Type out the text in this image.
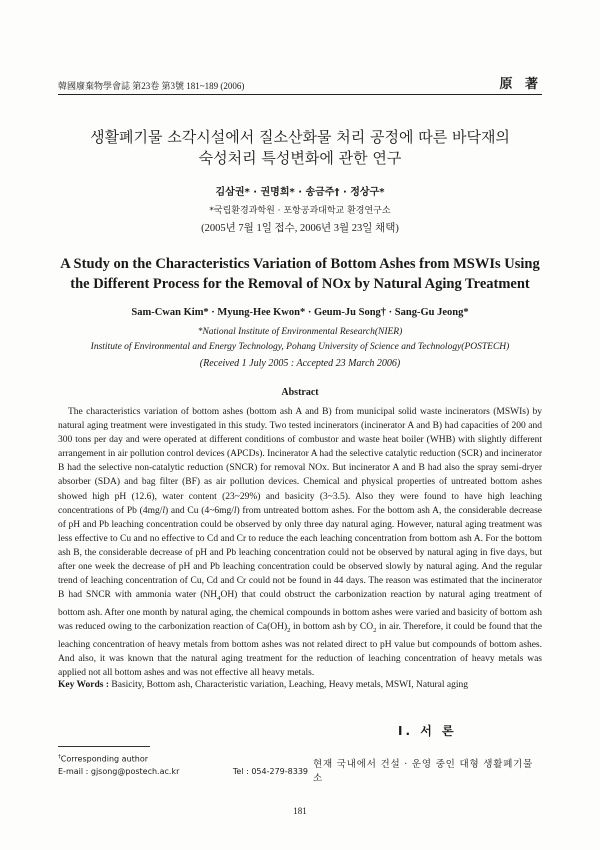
韓國廢棄物學會誌 第23卷 第3號 181~189 (2006)	原 著
생활폐기물 소각시설에서 질소산화물 처리 공정에 따른 바닥재의
숙성처리 특성변화에 관한 연구
김삼권* · 권명희* · 송금주† · 정상구*
*국립환경과학원 · 포항공과대학교 환경연구소
(2005년 7월 1일 접수, 2006년 3월 23일 채택)
A Study on the Characteristics Variation of Bottom Ashes from MSWIs Using
the Different Process for the Removal of NOx by Natural Aging Treatment
Sam-Cwan Kim* · Myung-Hee Kwon* · Geum-Ju Song† · Sang-Gu Jeong*
*National Institute of Environmental Research(NIER)
Institute of Environmental and Energy Technology, Pohang University of Science and Technology(POSTECH)
(Received 1 July 2005 : Accepted 23 March 2006)
Abstract
The characteristics variation of bottom ashes (bottom ash A and B) from municipal solid waste incinerators (MSWIs) by natural aging treatment were investigated in this study. Two tested incinerators (incinerator A and B) had capacities of 200 and 300 tons per day and were operated at different conditions of combustor and waste heat boiler (WHB) with slightly different arrangement in air pollution control devices (APCDs). Incinerator A had the selective catalytic reduction (SCR) and incinerator B had the selective non-catalytic reduction (SNCR) for removal NOx. But incinerator A and B had also the spray semi-dryer absorber (SDA) and bag filter (BF) as air pollution devices. Chemical and physical properties of untreated bottom ashes showed high pH (12.6), water content (23~29%) and basicity (3~3.5). Also they were found to have high leaching concentrations of Pb (4mg/l) and Cu (4~6mg/l) from untreated bottom ashes. For the bottom ash A, the considerable decrease of pH and Pb leaching concentration could be observed by only three day natural aging. However, natural aging treatment was less effective to Cu and no effective to Cd and Cr to reduce the each leaching concentration from bottom ash A. For the bottom ash B, the considerable decrease of pH and Pb leaching concentration could not be observed by natural aging in five days, but after one week the decrease of pH and Pb leaching concentration could be observed slowly by natural aging. And the regular trend of leaching concentration of Cu, Cd and Cr could not be found in 44 days. The reason was estimated that the incinerator B had SNCR with ammonia water $(NH_4OH)$ that could obstruct the carbonization reaction by natural aging treatment of bottom ash. After one month by natural aging, the chemical compounds in bottom ashes were varied and basicity of bottom ash was reduced owing to the carbonization reaction of $Ca(OH)_2$ in bottom ash by $CO_2$ in air. Therefore, it could be found that the leaching concentration of heavy metals from bottom ashes was not related direct to pH value but compounds of bottom ashes. And also, it was known that the natural aging treatment for the reduction of leaching concentration of heavy metals was applied not all bottom ashes and was not effective all heavy metals.
Key Words : Basicity, Bottom ash, Characteristic variation, Leaching, Heavy metals, MSWI, Natural aging
I. 서 론
†Corresponding author
E-mail : gjsong@postech.ac.kr	Tel : 054-279-8339
현재 국내에서 건설 · 운영 중인 대형 생활폐기물 소
181
